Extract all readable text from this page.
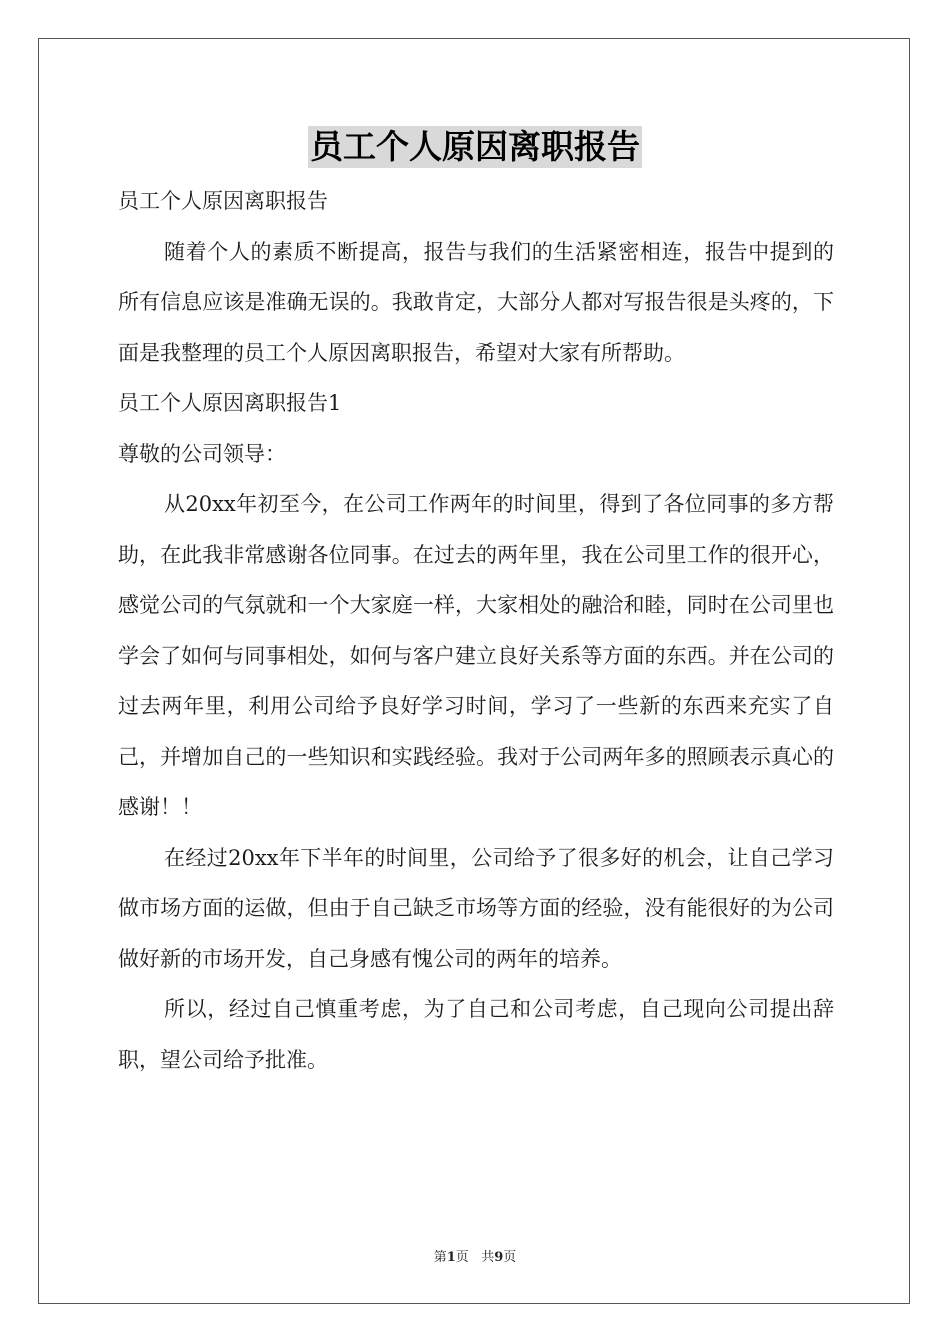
员工个人原因离职报告

员工个人原因离职报告

随着个人的素质不断提高，报告与我们的生活紧密相连，报告中提到的所有信息应该是准确无误的。我敢肯定，大部分人都对写报告很是头疼的，下面是我整理的员工个人原因离职报告，希望对大家有所帮助。

员工个人原因离职报告1

尊敬的公司领导：

从20xx年初至今，在公司工作两年的时间里，得到了各位同事的多方帮助，在此我非常感谢各位同事。在过去的两年里，我在公司里工作的很开心，感觉公司的气氛就和一个大家庭一样，大家相处的融洽和睦，同时在公司里也学会了如何与同事相处，如何与客户建立良好关系等方面的东西。并在公司的过去两年里，利用公司给予良好学习时间，学习了一些新的东西来充实了自己，并增加自己的一些知识和实践经验。我对于公司两年多的照顾表示真心的感谢！！

在经过20xx年下半年的时间里，公司给予了很多好的机会，让自己学习做市场方面的运做，但由于自己缺乏市场等方面的经验，没有能很好的为公司做好新的市场开发，自己身感有愧公司的两年的培养。

所以，经过自己慎重考虑，为了自己和公司考虑，自己现向公司提出辞职，望公司给予批准。

第1页 共9页
